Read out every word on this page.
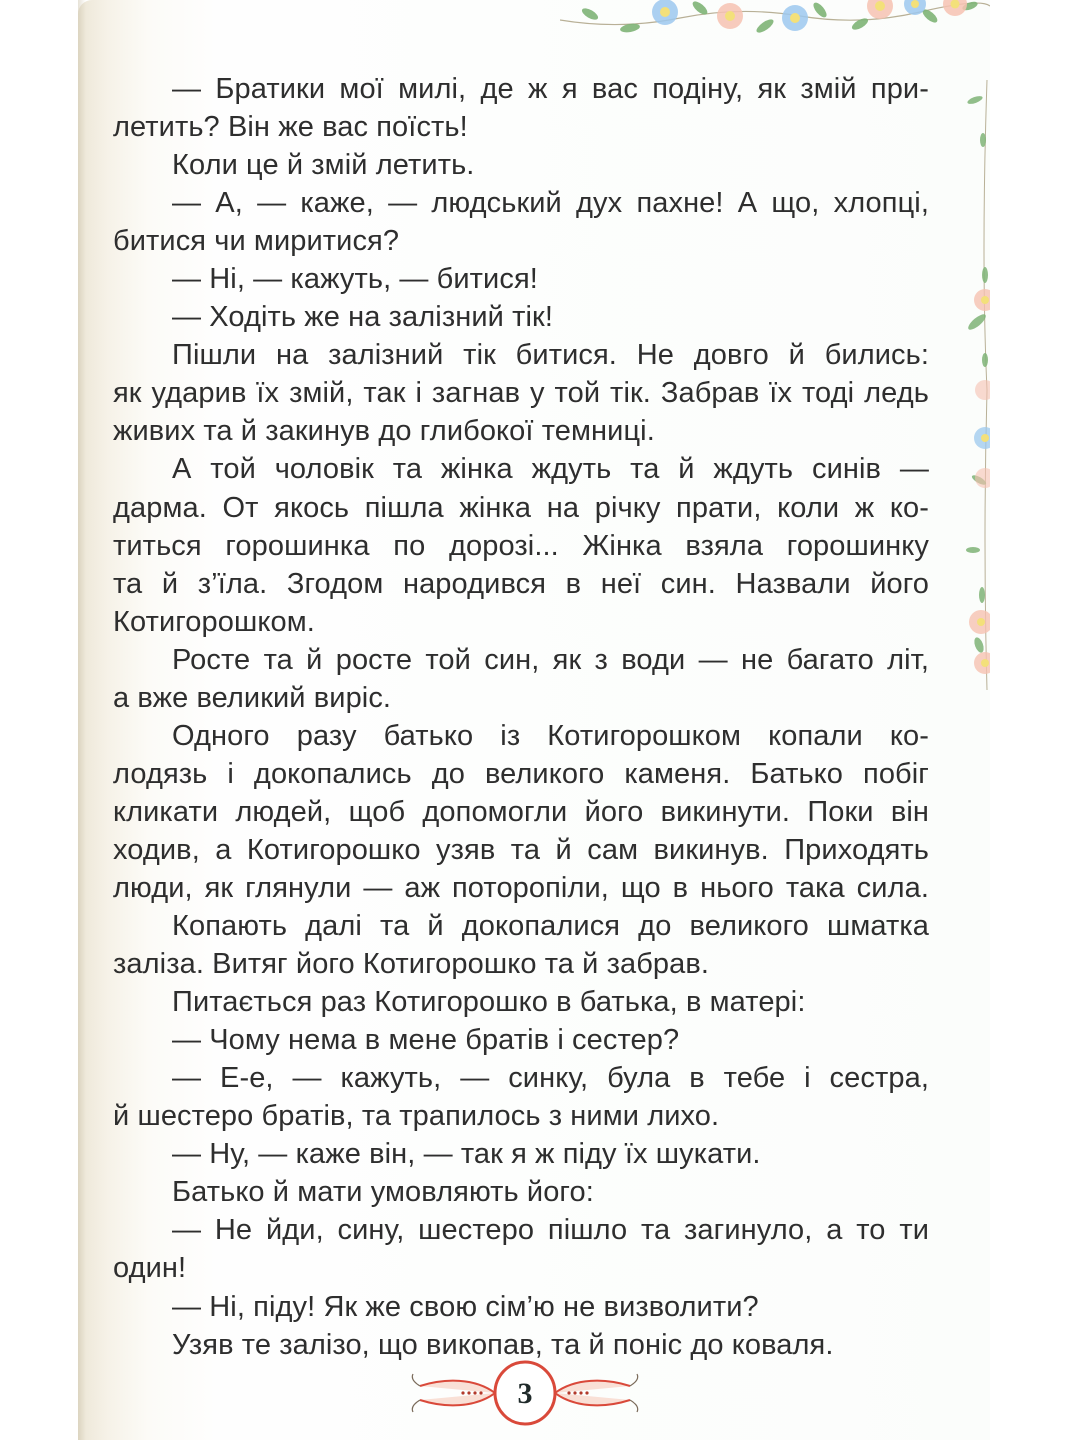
— Братики мої милі, де ж я вас подіну, як змій при-
летить? Він же вас поїсть!
Коли це й змій летить.
— А, — каже, — людський дух пахне! А що, хлопці,
битися чи миритися?
— Ні, — кажуть, — битися!
— Ходіть же на залізний тік!
Пішли на залізний тік битися. Не довго й бились:
як ударив їх змій, так і загнав у той тік. Забрав їх тоді ледь
живих та й закинув до глибокої темниці.
А той чоловік та жінка ждуть та й ждуть синів —
дарма. От якось пішла жінка на річку прати, коли ж ко-
титься горошинка по дорозі... Жінка взяла горошинку
та й з’їла. Згодом народився в неї син. Назвали його
Котигорошком.
Росте та й росте той син, як з води — не багато літ,
а вже великий виріс.
Одного разу батько із Котигорошком копали ко-
лодязь і докопались до великого каменя. Батько побіг
кликати людей, щоб допомогли його викинути. Поки він
ходив, а Котигорошко узяв та й сам викинув. Приходять
люди, як глянули — аж поторопіли, що в нього така сила.
Копають далі та й докопалися до великого шматка
заліза. Витяг його Котигорошко та й забрав.
Питається раз Котигорошко в батька, в матері:
— Чому нема в мене братів і сестер?
— Е-е, — кажуть, — синку, була в тебе і сестра,
й шестеро братів, та трапилось з ними лихо.
— Ну, — каже він, — так я ж піду їх шукати.
Батько й мати умовляють його:
— Не йди, сину, шестеро пішло та загинуло, а то ти
один!
— Ні, піду! Як же свою сім’ю не визволити?
Узяв те залізо, що викопав, та й поніс до коваля.
3
